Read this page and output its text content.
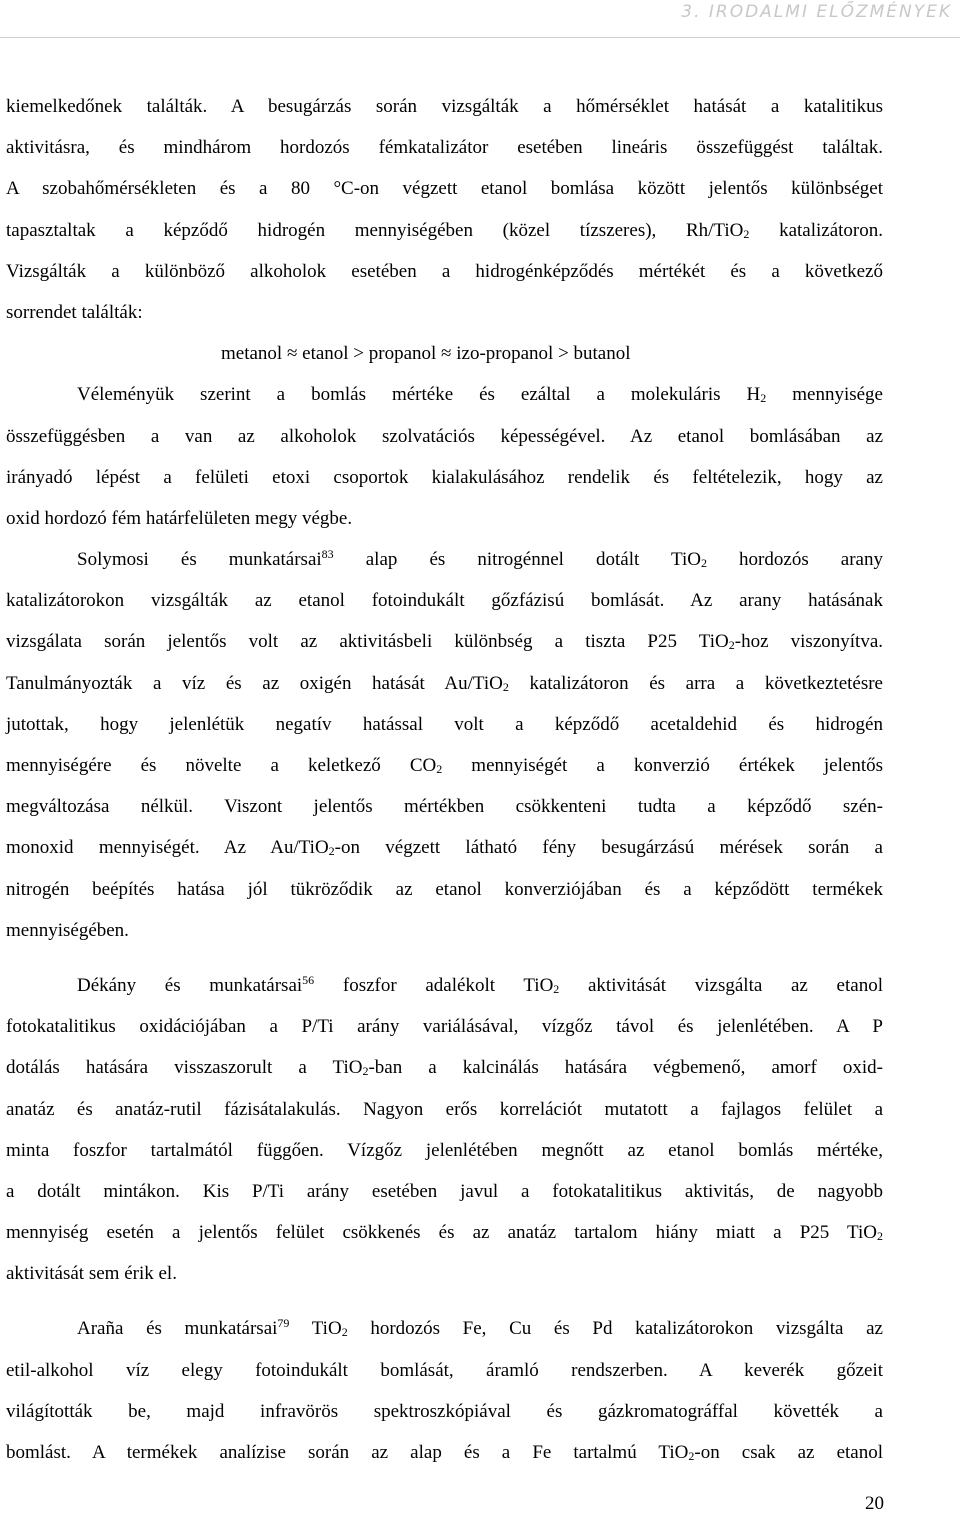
3. IRODALMI ELŐZMÉNYEK
kiemelkedőnek találták. A besugárzás során vizsgálták a hőmérséklet hatását a katalitikus
aktivitásra, és mindhárom hordozós fémkatalizátor esetében lineáris összefüggést találtak.
A szobahőmérsékleten és a 80 °C-on végzett etanol bomlása között jelentős különbséget
tapasztaltak a képződő hidrogén mennyiségében (közel tízszeres), Rh/TiO$_2$ katalizátoron.
Vizsgálták a különböző alkoholok esetében a hidrogénképződés mértékét és a következő
sorrendet találták:
metanol ≈ etanol > propanol ≈ izo-propanol > butanol
Véleményük szerint a bomlás mértéke és ezáltal a molekuláris $H_2$ mennyisége
összefüggésben a van az alkoholok szolvatációs képességével. Az etanol bomlásában az
irányadó lépést a felületi etoxi csoportok kialakulásához rendelik és feltételezik, hogy az
oxid hordozó fém határfelületen megy végbe.
Solymosi és munkatársai$^{83}$ alap és nitrogénnel dotált TiO$_2$ hordozós arany
katalizátorokon vizsgálták az etanol fotoindukált gőzfázisú bomlását. Az arany hatásának
vizsgálata során jelentős volt az aktivitásbeli különbség a tiszta P25 TiO$_2$-hoz viszonyítva.
Tanulmányozták a víz és az oxigén hatását Au/TiO$_2$ katalizátoron és arra a következtetésre
jutottak, hogy jelenlétük negatív hatással volt a képződő acetaldehid és hidrogén
mennyiségére és növelte a keletkező $CO_2$ mennyiségét a konverzió értékek jelentős
megváltozása nélkül. Viszont jelentős mértékben csökkenteni tudta a képződő szén-
monoxid mennyiségét. Az Au/TiO$_2$-on végzett látható fény besugárzású mérések során a
nitrogén beépítés hatása jól tükröződik az etanol konverziójában és a képződött termékek
mennyiségében.
Dékány és munkatársai$^{56}$ foszfor adalékolt TiO$_2$ aktivitását vizsgálta az etanol
fotokatalitikus oxidációjában a P/Ti arány variálásával, vízgőz távol és jelenlétében. A P
dotálás hatására visszaszorult a TiO$_2$-ban a kalcinálás hatására végbemenő, amorf oxid-
anatáz és anatáz-rutil fázisátalakulás. Nagyon erős korrelációt mutatott a fajlagos felület a
minta foszfor tartalmától függően. Vízgőz jelenlétében megnőtt az etanol bomlás mértéke,
a dotált mintákon. Kis P/Ti arány esetében javul a fotokatalitikus aktivitás, de nagyobb
mennyiség esetén a jelentős felület csökkenés és az anatáz tartalom hiány miatt a P25 TiO$_2$
aktivitását sem érik el.
Araña és munkatársai$^{79}$ TiO$_2$ hordozós Fe, Cu és Pd katalizátorokon vizsgálta az
etil-alkohol víz elegy fotoindukált bomlását, áramló rendszerben. A keverék gőzeit
világították be, majd infravörös spektroszkópiával és gázkromatográffal követték a
bomlást. A termékek analízise során az alap és a Fe tartalmú TiO$_2$-on csak az etanol
20
